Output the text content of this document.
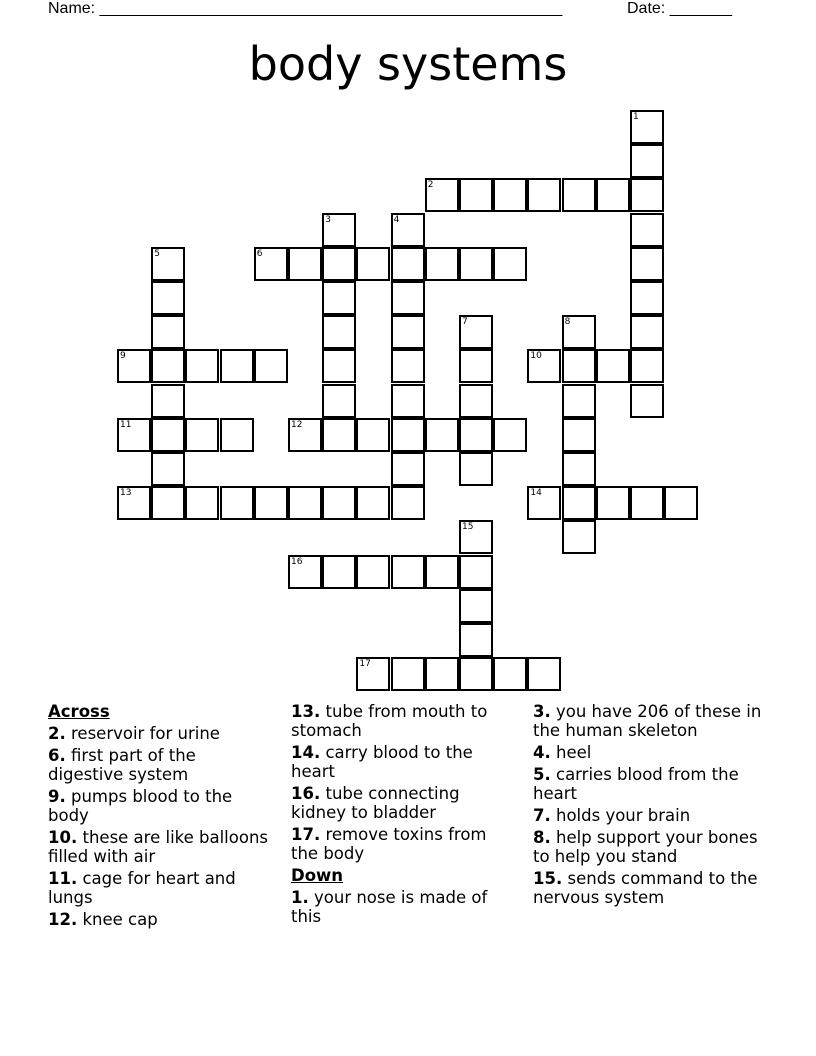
Name: ____________________________________________________	Date: _______
body systems
1
2
3	4
5	6
7	8
9	10
11	12
13	14
15
16
17
Across
2. reservoir for urine
6. first part of the digestive system
9. pumps blood to the body
10. these are like balloons filled with air
11. cage for heart and lungs
12. knee cap
13. tube from mouth to stomach
14. carry blood to the heart
16. tube connecting kidney to bladder
17. remove toxins from the body
Down
1. your nose is made of this
3. you have 206 of these in the human skeleton
4. heel
5. carries blood from the heart
7. holds your brain
8. help support your bones to help you stand
15. sends command to the nervous system
